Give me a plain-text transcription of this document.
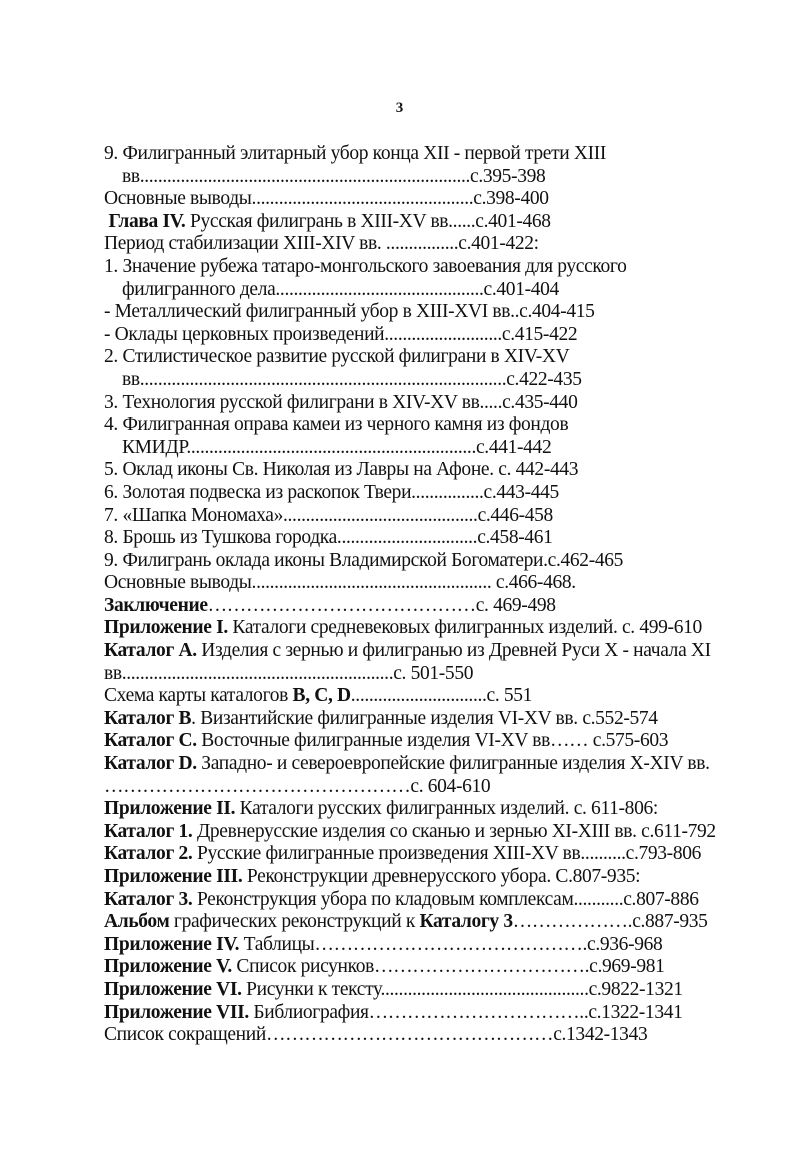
3
9. Филигранный элитарный убор конца XII - первой трети XIII
вв.........................................................................с.395-398
Основные выводы.................................................с.398-400
Глава IV. Русская филигрань в XIII-XV вв......с.401-468
Период стабилизации XIII-XIV вв. ................с.401-422:
1. Значение рубежа татаро-монгольского завоевания для русского
филигранного дела..............................................с.401-404
- Металлический филигранный убор в XIII-XVI вв..с.404-415
- Оклады церковных произведений..........................с.415-422
2. Стилистическое развитие русской филиграни в XIV-XV
вв.................................................................................с.422-435
3. Технология русской филиграни в XIV-XV вв.....с.435-440
4. Филигранная оправа камеи из черного камня из фондов
КМИДР................................................................с.441-442
5. Оклад иконы Св. Николая из Лавры на Афоне. с. 442-443
6. Золотая подвеска из раскопок Твери................с.443-445
7. «Шапка Мономаха»...........................................с.446-458
8. Брошь из Тушкова городка...............................с.458-461
9. Филигрань оклада иконы Владимирской Богоматери.с.462-465
Основные выводы..................................................... с.466-468.
Заключение……………………………………с. 469-498
Приложение I. Каталоги средневековых филигранных изделий. с. 499-610
Каталог А. Изделия с зернью и филигранью из Древней Руси X - начала XI
вв............................................................с. 501-550
Схема карты каталогов B, C, D..............................с. 551
Каталог B. Византийские филигранные изделия VI-XV вв. с.552-574
Каталог C. Восточные филигранные изделия VI-XV вв…… с.575-603
Каталог D. Западно- и североевропейские филигранные изделия X-XIV вв.
…………………………………………с. 604-610
Приложение II. Каталоги русских филигранных изделий. с. 611-806:
Каталог 1. Древнерусские изделия со сканью и зернью XI-XIII вв. с.611-792
Каталог 2. Русские филигранные произведения XIII-XV вв..........с.793-806
Приложение III. Реконструкции древнерусского убора. С.807-935:
Каталог 3. Реконструкция убора по кладовым комплексам...........с.807-886
Альбом графических реконструкций к Каталогу 3……………….с.887-935
Приложение IV. Таблицы…………………………………….с.936-968
Приложение V. Список рисунков…………………………….с.969-981
Приложение VI. Рисунки к тексту..............................................с.9822-1321
Приложение VII. Библиография……………………………..с.1322-1341
Список сокращений………………………………………с.1342-1343
